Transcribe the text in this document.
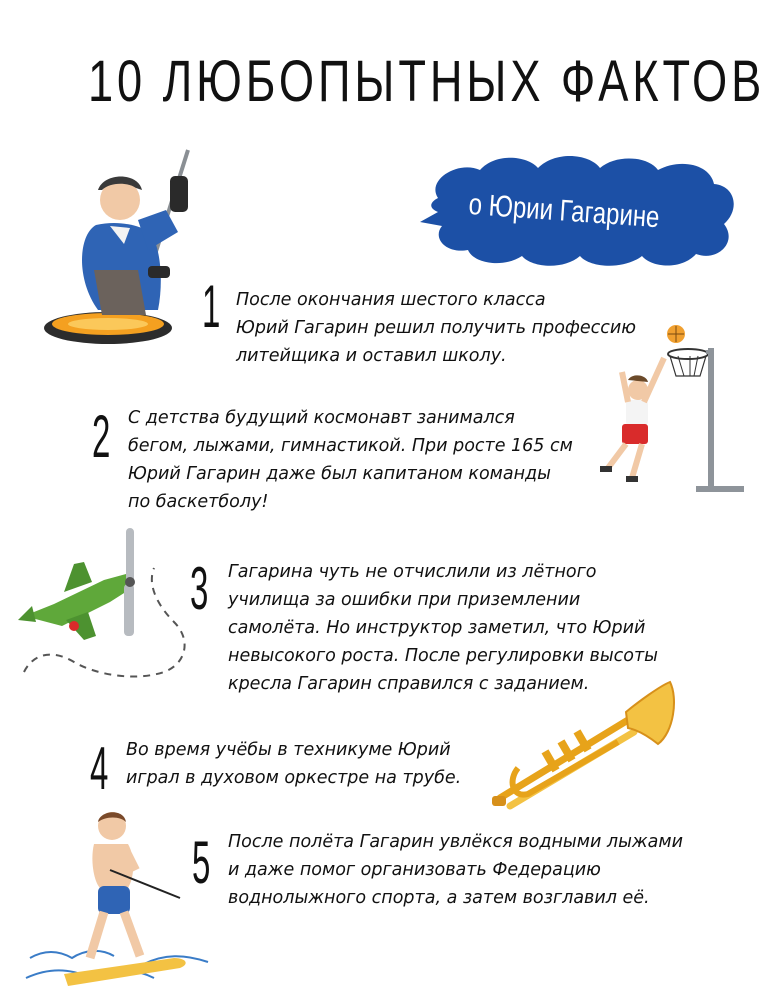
10 ЛЮБОПЫТНЫХ ФАКТОВ
о Юрии Гагарине
1 После окончания шестого класса
Юрий Гагарин решил получить профессию
литейщика и оставил школу.
2 С детства будущий космонавт занимался
бегом, лыжами, гимнастикой. При росте 165 см
Юрий Гагарин даже был капитаном команды
по баскетболу!
3 Гагарина чуть не отчислили из лётного
училища за ошибки при приземлении
самолёта. Но инструктор заметил, что Юрий
невысокого роста. После регулировки высоты
кресла Гагарин справился с заданием.
4 Во время учёбы в техникуме Юрий
играл в духовом оркестре на трубе.
5 После полёта Гагарин увлёкся водными лыжами
и даже помог организовать Федерацию
воднолыжного спорта, а затем возглавил её.
